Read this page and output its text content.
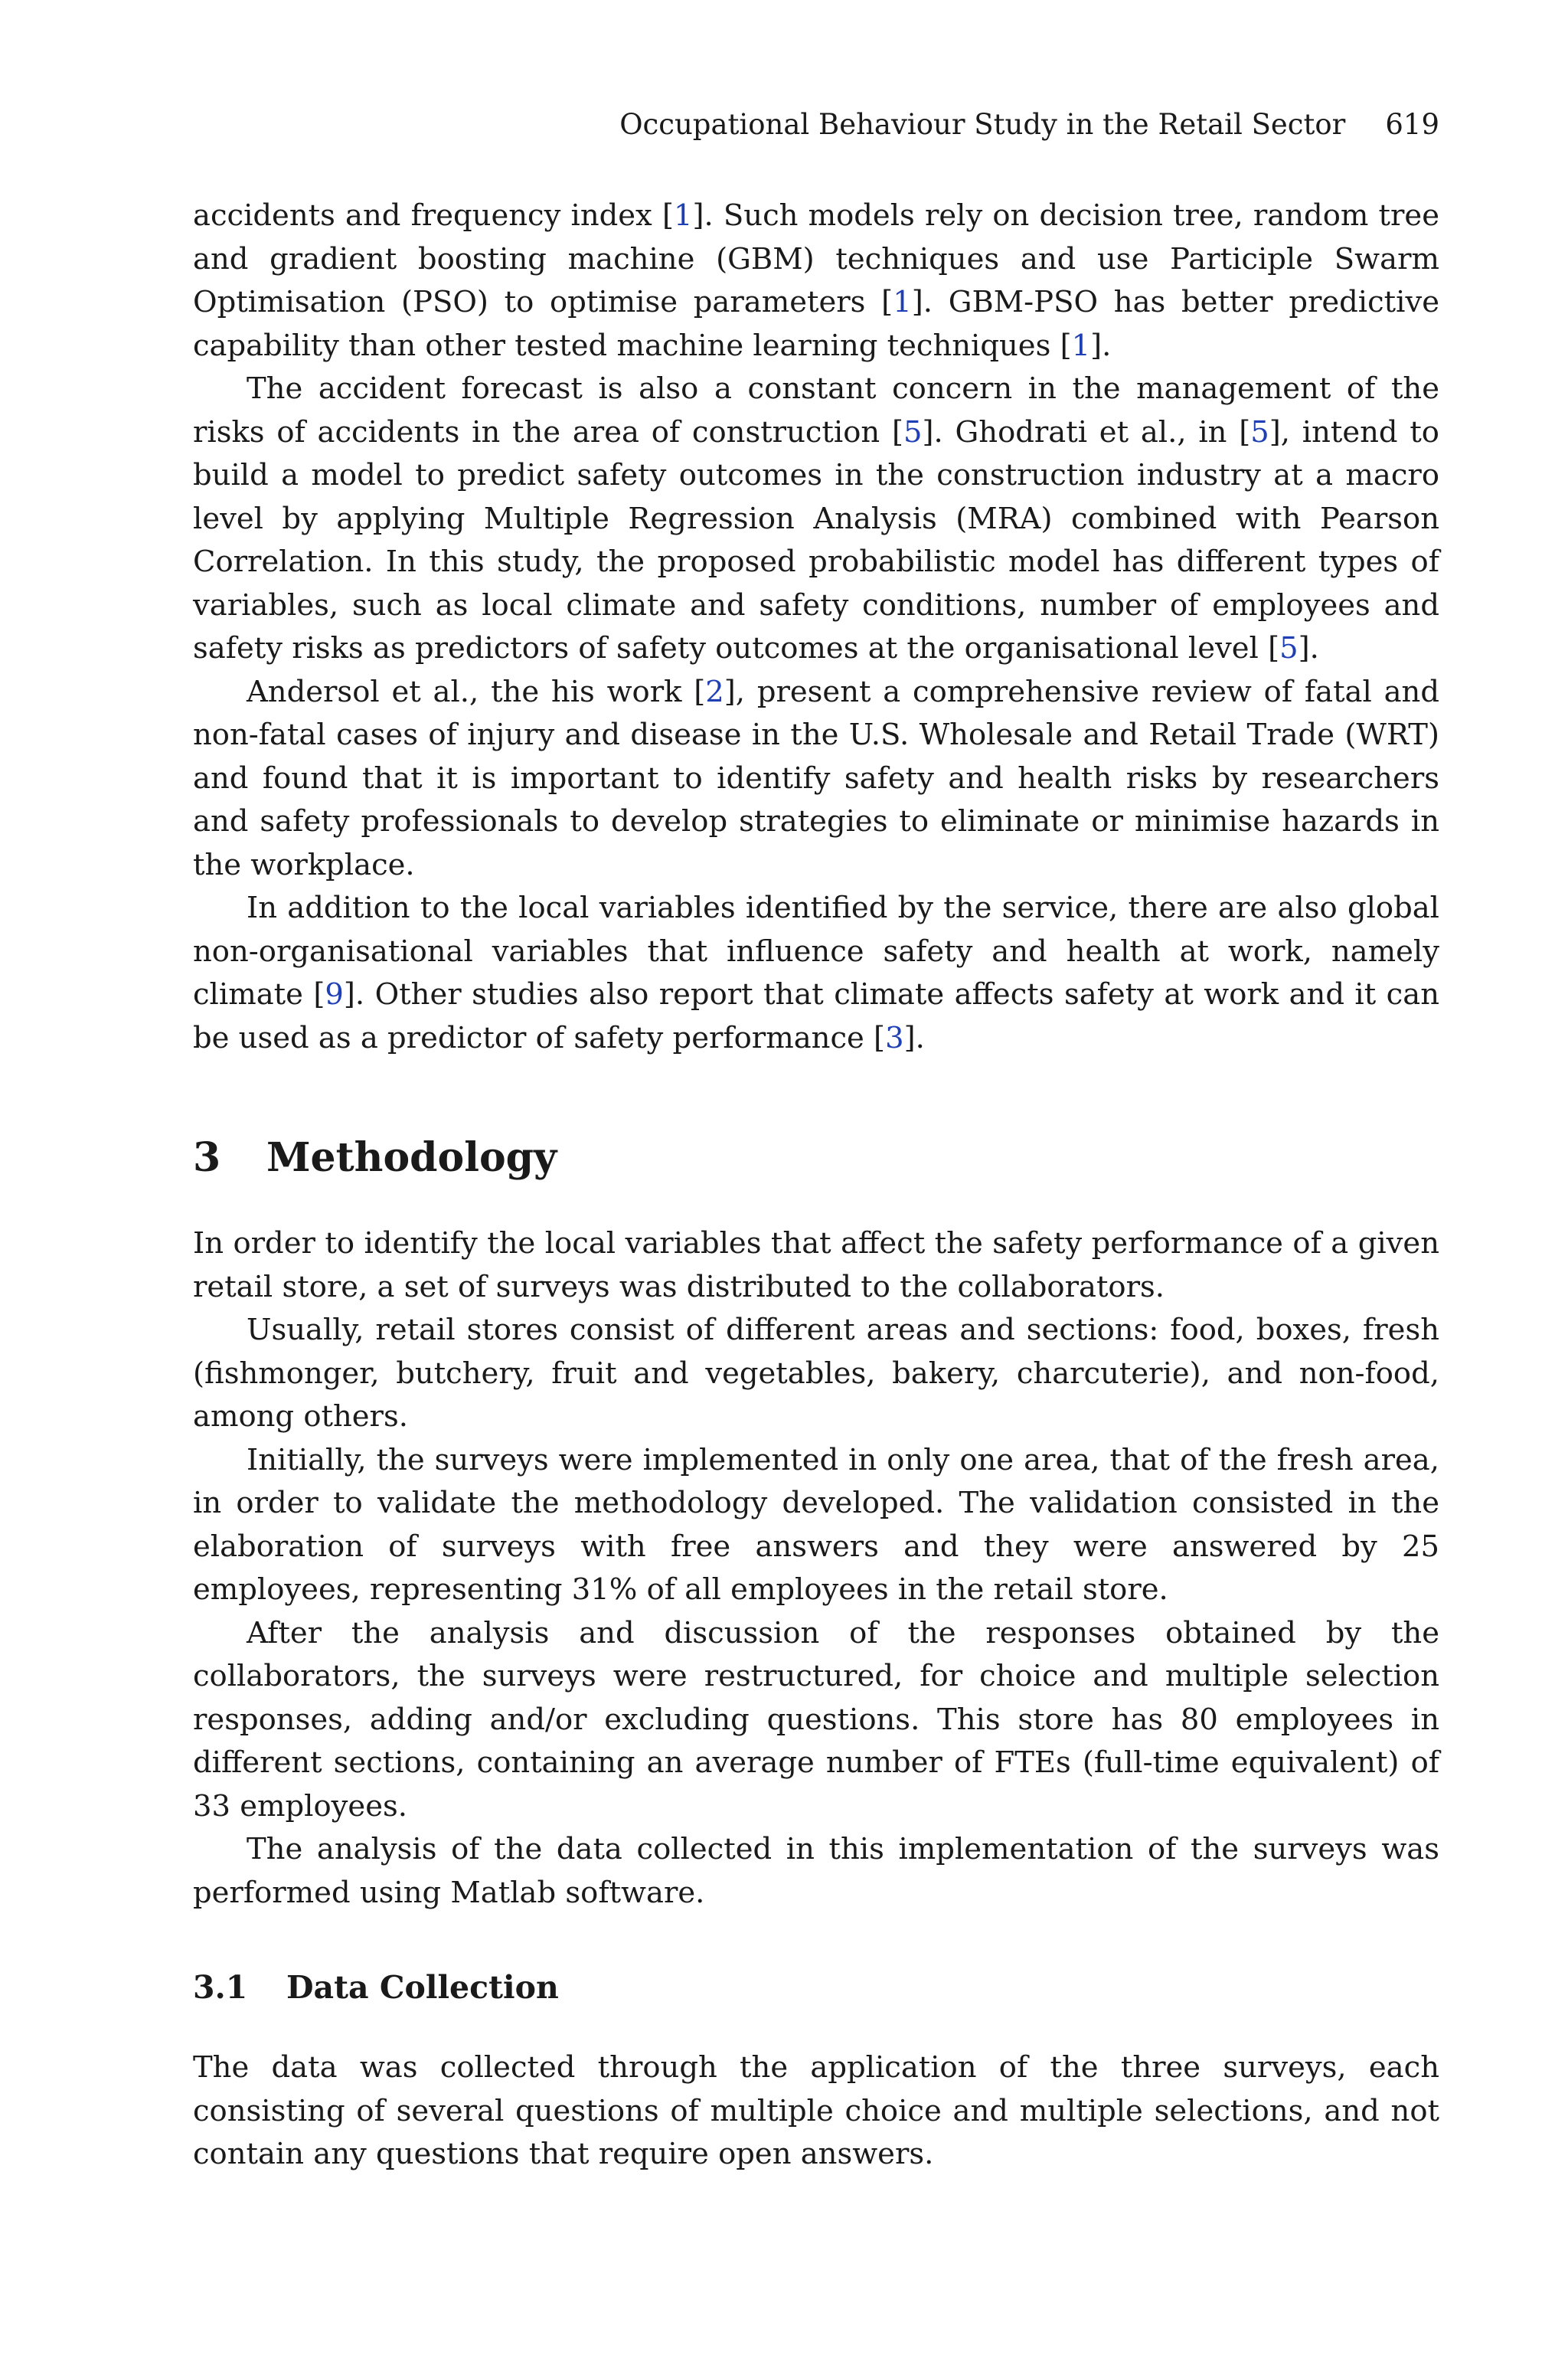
Occupational Behaviour Study in the Retail Sector 619

accidents and frequency index [1]. Such models rely on decision tree, random tree and gradient boosting machine (GBM) techniques and use Participle Swarm Optimisation (PSO) to optimise parameters [1]. GBM-PSO has better predictive capability than other tested machine learning techniques [1].

The accident forecast is also a constant concern in the management of the risks of accidents in the area of construction [5]. Ghodrati et al., in [5], intend to build a model to predict safety outcomes in the construction industry at a macro level by applying Multiple Regression Analysis (MRA) combined with Pearson Correlation. In this study, the proposed probabilistic model has different types of variables, such as local climate and safety conditions, number of employees and safety risks as predictors of safety outcomes at the organisational level [5].

Andersol et al., the his work [2], present a comprehensive review of fatal and non-fatal cases of injury and disease in the U.S. Wholesale and Retail Trade (WRT) and found that it is important to identify safety and health risks by researchers and safety professionals to develop strategies to eliminate or minimise hazards in the workplace.

In addition to the local variables identified by the service, there are also global non-organisational variables that influence safety and health at work, namely climate [9]. Other studies also report that climate affects safety at work and it can be used as a predictor of safety performance [3].

3 Methodology

In order to identify the local variables that affect the safety performance of a given retail store, a set of surveys was distributed to the collaborators.

Usually, retail stores consist of different areas and sections: food, boxes, fresh (fishmonger, butchery, fruit and vegetables, bakery, charcuterie), and non-food, among others.

Initially, the surveys were implemented in only one area, that of the fresh area, in order to validate the methodology developed. The validation consisted in the elaboration of surveys with free answers and they were answered by 25 employees, representing 31% of all employees in the retail store.

After the analysis and discussion of the responses obtained by the collaborators, the surveys were restructured, for choice and multiple selection responses, adding and/or excluding questions. This store has 80 employees in different sections, containing an average number of FTEs (full-time equivalent) of 33 employees.

The analysis of the data collected in this implementation of the surveys was performed using Matlab software.

3.1 Data Collection

The data was collected through the application of the three surveys, each consisting of several questions of multiple choice and multiple selections, and not contain any questions that require open answers.
